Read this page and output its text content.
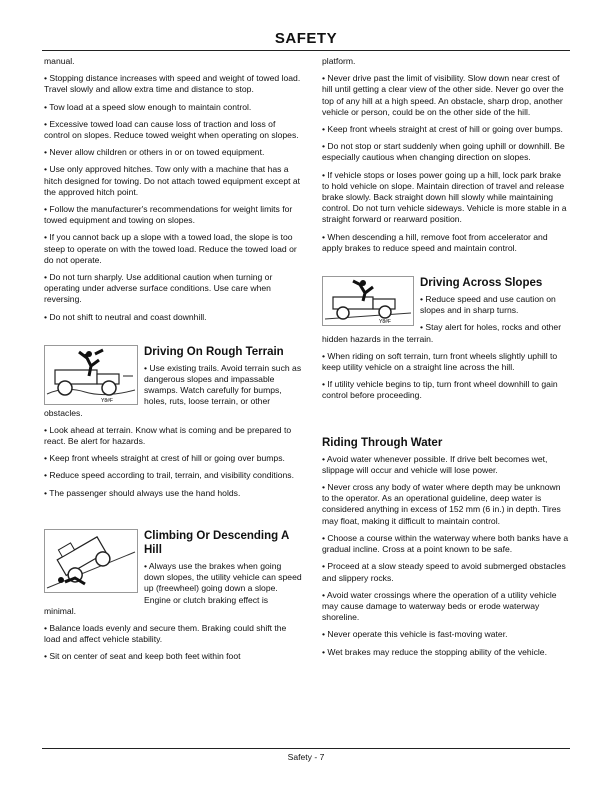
SAFETY

manual.

• Stopping distance increases with speed and weight of towed load. Travel slowly and allow extra time and distance to stop.

• Tow load at a speed slow enough to maintain control.

• Excessive towed load can cause loss of traction and loss of control on slopes. Reduce towed weight when operating on slopes.

• Never allow children or others in or on towed equipment.

• Use only approved hitches. Tow only with a machine that has a hitch designed for towing. Do not attach towed equipment except at the approved hitch point.

• Follow the manufacturer's recommendations for weight limits for towed equipment and towing on slopes.

• If you cannot back up a slope with a towed load, the slope is too steep to operate on with the towed load. Reduce the towed load or do not operate.

• Do not turn sharply. Use additional caution when turning or operating under adverse surface conditions. Use care when reversing.

• Do not shift to neutral and coast downhill.

Y8#F
Driving On Rough Terrain

• Use existing trails. Avoid terrain such as dangerous slopes and impassable swamps. Watch carefully for bumps, holes, ruts, loose terrain, or other obstacles.

• Look ahead at terrain. Know what is coming and be prepared to react. Be alert for hazards.

• Keep front wheels straight at crest of hill or going over bumps.

• Reduce speed according to trail, terrain, and visibility conditions.

• The passenger should always use the hand holds.

Climbing Or Descending A Hill

• Always use the brakes when going down slopes, the utility vehicle can speed up (freewheel) going down a slope. Engine or clutch braking effect is minimal.

• Balance loads evenly and secure them. Braking could shift the load and affect vehicle stability.

• Sit on center of seat and keep both feet within foot

platform.

• Never drive past the limit of visibility. Slow down near crest of hill until getting a clear view of the other side. Never go over the top of any hill at a high speed. An obstacle, sharp drop, another vehicle or person, could be on the other side of the hill.

• Keep front wheels straight at crest of hill or going over bumps.

• Do not stop or start suddenly when going uphill or downhill. Be especially cautious when changing direction on slopes.

• If vehicle stops or loses power going up a hill, lock park brake to hold vehicle on slope. Maintain direction of travel and release brake slowly. Back straight down hill slowly while maintaining control. Do not turn vehicle sideways. Vehicle is more stable in a straight forward or rearward position.

• When descending a hill, remove foot from accelerator and apply brakes to reduce speed and maintain control.

Y8#F
Driving Across Slopes

• Reduce speed and use caution on slopes and in sharp turns.

• Stay alert for holes, rocks and other hidden hazards in the terrain.

• When riding on soft terrain, turn front wheels slightly uphill to keep utility vehicle on a straight line across the hill.

• If utility vehicle begins to tip, turn front wheel downhill to gain control before proceeding.

Riding Through Water

• Avoid water whenever possible. If drive belt becomes wet, slippage will occur and vehicle will lose power.

• Never cross any body of water where depth may be unknown to the operator. As an operational guideline, deep water is considered anything in excess of 152 mm (6 in.) in depth. Tires may float, making it difficult to maintain control.

• Choose a course within the waterway where both banks have a gradual incline. Cross at a point known to be safe.

• Proceed at a slow steady speed to avoid submerged obstacles and slippery rocks.

• Avoid water crossings where the operation of a utility vehicle may cause damage to waterway beds or erode waterway shoreline.

• Never operate this vehicle is fast-moving water.

• Wet brakes may reduce the stopping ability of the vehicle.

Safety - 7
